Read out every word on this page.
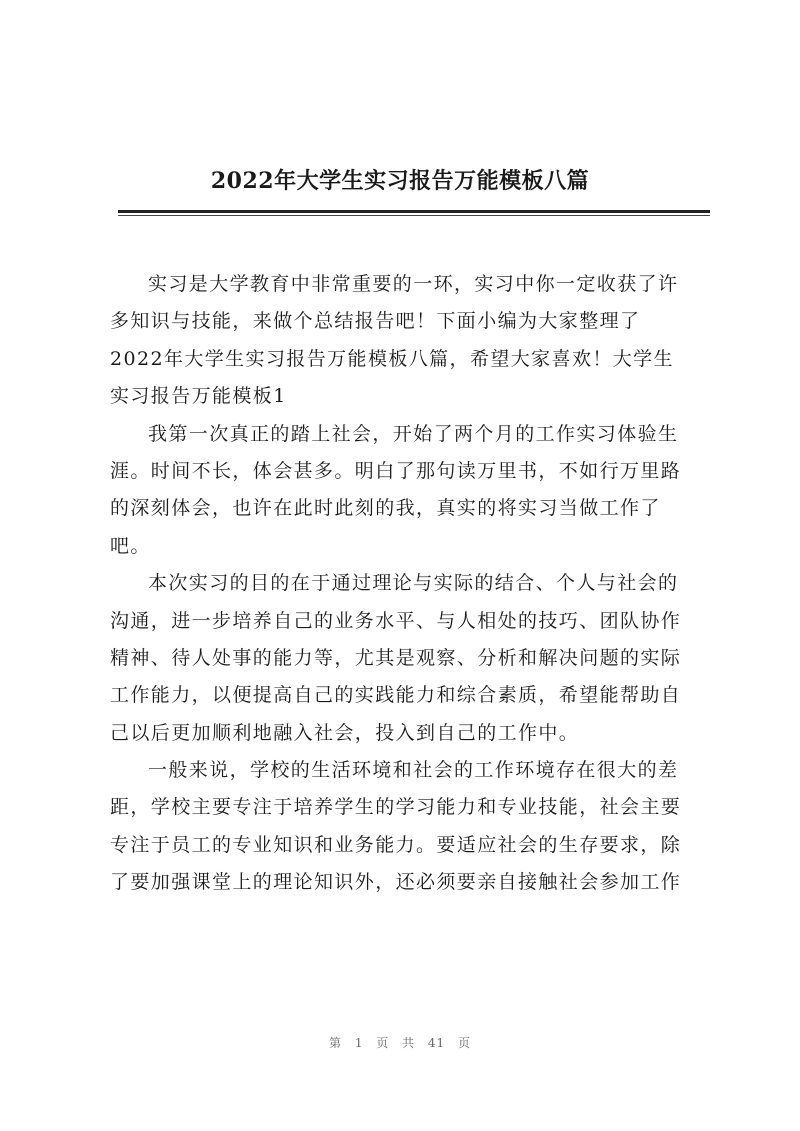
2022年大学生实习报告万能模板八篇
实习是大学教育中非常重要的一环，实习中你一定收获了许
多知识与技能，来做个总结报告吧！下面小编为大家整理了
2022年大学生实习报告万能模板八篇，希望大家喜欢！大学生
实习报告万能模板1
我第一次真正的踏上社会，开始了两个月的工作实习体验生
涯。时间不长，体会甚多。明白了那句读万里书，不如行万里路
的深刻体会，也许在此时此刻的我，真实的将实习当做工作了
吧。
本次实习的目的在于通过理论与实际的结合、个人与社会的
沟通，进一步培养自己的业务水平、与人相处的技巧、团队协作
精神、待人处事的能力等，尤其是观察、分析和解决问题的实际
工作能力，以便提高自己的实践能力和综合素质，希望能帮助自
己以后更加顺利地融入社会，投入到自己的工作中。
一般来说，学校的生活环境和社会的工作环境存在很大的差
距，学校主要专注于培养学生的学习能力和专业技能，社会主要
专注于员工的专业知识和业务能力。要适应社会的生存要求，除
了要加强课堂上的理论知识外，还必须要亲自接触社会参加工作
第 1 页 共 41 页
